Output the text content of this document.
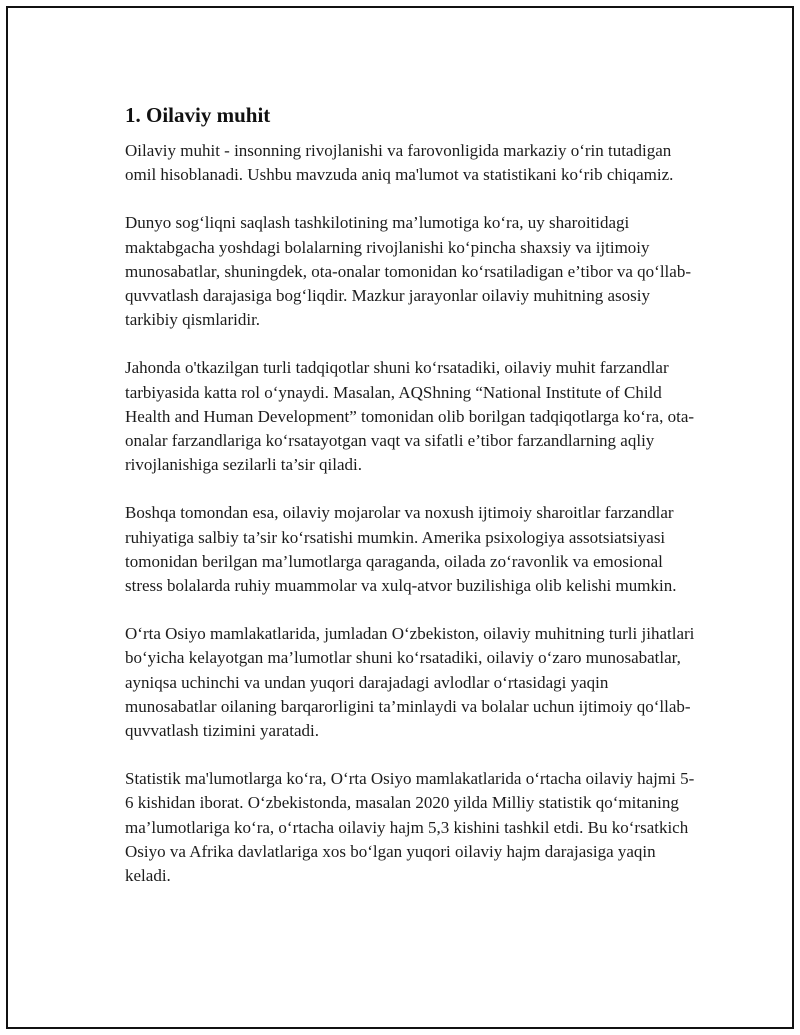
1. Oilaviy muhit

Oilaviy muhit - insonning rivojlanishi va farovonligida markaziy o‘rin tutadigan omil hisoblanadi. Ushbu mavzuda aniq ma'lumot va statistikani ko‘rib chiqamiz.

Dunyo sog‘liqni saqlash tashkilotining ma’lumotiga ko‘ra, uy sharoitidagi maktabgacha yoshdagi bolalarning rivojlanishi ko‘pincha shaxsiy va ijtimoiy munosabatlar, shuningdek, ota-onalar tomonidan ko‘rsatiladigan e’tibor va qo‘llab-quvvatlash darajasiga bog‘liqdir. Mazkur jarayonlar oilaviy muhitning asosiy tarkibiy qismlaridir.

Jahonda o'tkazilgan turli tadqiqotlar shuni ko‘rsatadiki, oilaviy muhit farzandlar tarbiyasida katta rol o‘ynaydi. Masalan, AQShning “National Institute of Child Health and Human Development” tomonidan olib borilgan tadqiqotlarga ko‘ra, ota-onalar farzandlariga ko‘rsatayotgan vaqt va sifatli e’tibor farzandlarning aqliy rivojlanishiga sezilarli ta’sir qiladi.

Boshqa tomondan esa, oilaviy mojarolar va noxush ijtimoiy sharoitlar farzandlar ruhiyatiga salbiy ta’sir ko‘rsatishi mumkin. Amerika psixologiya assotsiatsiyasi tomonidan berilgan ma’lumotlarga qaraganda, oilada zo‘ravonlik va emosional stress bolalarda ruhiy muammolar va xulq-atvor buzilishiga olib kelishi mumkin.

O‘rta Osiyo mamlakatlarida, jumladan O‘zbekiston, oilaviy muhitning turli jihatlari bo‘yicha kelayotgan ma’lumotlar shuni ko‘rsatadiki, oilaviy o‘zaro munosabatlar, ayniqsa uchinchi va undan yuqori darajadagi avlodlar o‘rtasidagi yaqin munosabatlar oilaning barqarorligini ta’minlaydi va bolalar uchun ijtimoiy qo‘llab-quvvatlash tizimini yaratadi.

Statistik ma'lumotlarga ko‘ra, O‘rta Osiyo mamlakatlarida o‘rtacha oilaviy hajmi 5-6 kishidan iborat. O‘zbekistonda, masalan 2020 yilda Milliy statistik qo‘mitaning ma’lumotlariga ko‘ra, o‘rtacha oilaviy hajm 5,3 kishini tashkil etdi. Bu ko‘rsatkich Osiyo va Afrika davlatlariga xos bo‘lgan yuqori oilaviy hajm darajasiga yaqin keladi.
